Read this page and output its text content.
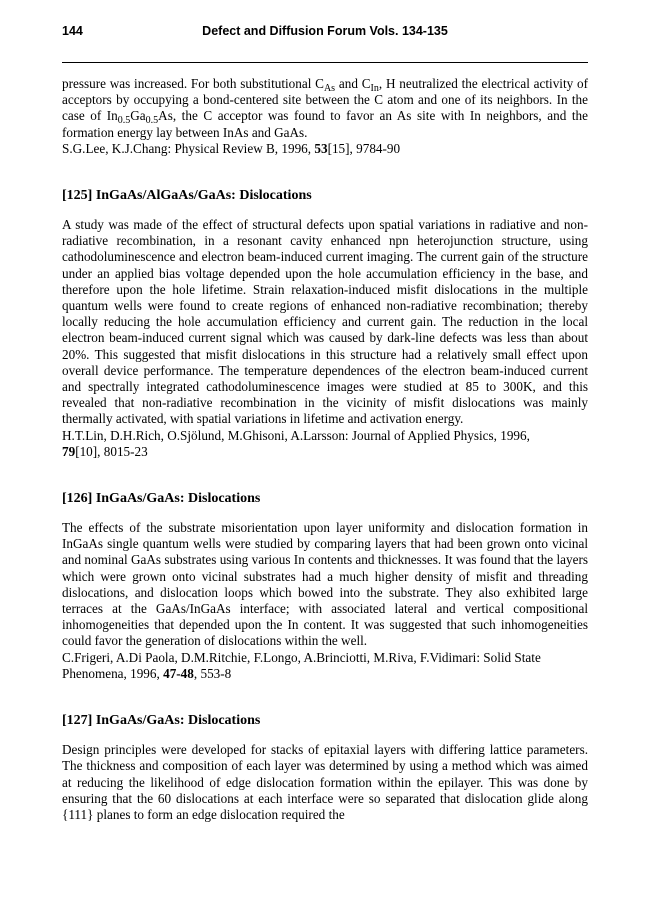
144	Defect and Diffusion Forum Vols. 134-135

pressure was increased. For both substitutional $C_{As}$ and $C_{In}$, H neutralized the electrical activity of acceptors by occupying a bond-centered site between the C atom and one of its neighbors. In the case of $In_{0.5}Ga_{0.5}As$, the C acceptor was found to favor an As site with In neighbors, and the formation energy lay between InAs and GaAs.

S.G.Lee, K.J.Chang: Physical Review B, 1996, 53[15], 9784-90

[125] InGaAs/AlGaAs/GaAs: Dislocations

A study was made of the effect of structural defects upon spatial variations in radiative and non-radiative recombination, in a resonant cavity enhanced npn heterojunction structure, using cathodoluminescence and electron beam-induced current imaging. The current gain of the structure under an applied bias voltage depended upon the hole accumulation efficiency in the base, and therefore upon the hole lifetime. Strain relaxation-induced misfit dislocations in the multiple quantum wells were found to create regions of enhanced non-radiative recombination; thereby locally reducing the hole accumulation efficiency and current gain. The reduction in the local electron beam-induced current signal which was caused by dark-line defects was less than about 20%. This suggested that misfit dislocations in this structure had a relatively small effect upon overall device performance. The temperature dependences of the electron beam-induced current and spectrally integrated cathodoluminescence images were studied at 85 to 300K, and this revealed that non-radiative recombination in the vicinity of misfit dislocations was mainly thermally activated, with spatial variations in lifetime and activation energy.

H.T.Lin, D.H.Rich, O.Sjölund, M.Ghisoni, A.Larsson: Journal of Applied Physics, 1996,
79[10], 8015-23

[126] InGaAs/GaAs: Dislocations

The effects of the substrate misorientation upon layer uniformity and dislocation formation in InGaAs single quantum wells were studied by comparing layers that had been grown onto vicinal and nominal GaAs substrates using various In contents and thicknesses. It was found that the layers which were grown onto vicinal substrates had a much higher density of misfit and threading dislocations, and dislocation loops which bowed into the substrate. They also exhibited large terraces at the GaAs/InGaAs interface; with associated lateral and vertical compositional inhomogeneities that depended upon the In content. It was suggested that such inhomogeneities could favor the generation of dislocations within the well.

C.Frigeri, A.Di Paola, D.M.Ritchie, F.Longo, A.Brinciotti, M.Riva, F.Vidimari: Solid State Phenomena, 1996, 47-48, 553-8

[127] InGaAs/GaAs: Dislocations

Design principles were developed for stacks of epitaxial layers with differing lattice parameters. The thickness and composition of each layer was determined by using a method which was aimed at reducing the likelihood of edge dislocation formation within the epilayer. This was done by ensuring that the 60 dislocations at each interface were so separated that dislocation glide along {111} planes to form an edge dislocation required the
